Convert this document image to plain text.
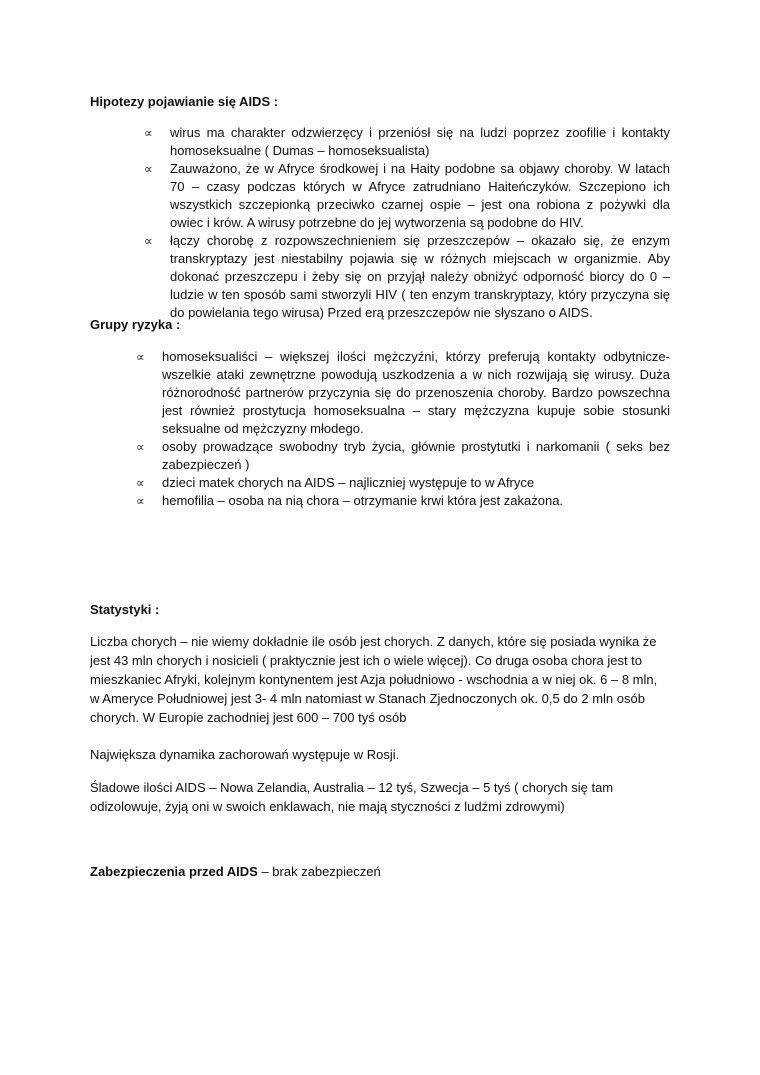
Hipotezy pojawianie się AIDS :
∝ wirus ma charakter odzwierzęcy i przeniósł się na ludzi poprzez zoofilie i kontakty homoseksualne ( Dumas – homoseksualista)
∝ Zauważono, że w Afryce środkowej i na Haity podobne sa objawy choroby. W latach 70 – czasy podczas których w Afryce zatrudniano Haiteńczyków. Szczepiono ich wszystkich szczepionką przeciwko czarnej ospie – jest ona robiona z pożywki dla owiec i krów. A wirusy potrzebne do jej wytworzenia są podobne do HIV.
∝ łączy chorobę z rozpowszechnieniem się przeszczepów – okazało się, że enzym transkryptazy jest niestabilny pojawia się w różnych miejscach w organizmie. Aby dokonać przeszczepu i żeby się on przyjął należy obniżyć odporność biorcy do 0 – ludzie w ten sposób sami stworzyli HIV ( ten enzym transkryptazy, który przyczyna się do powielania tego wirusa) Przed erą przeszczepów nie słyszano o AIDS.
Grupy ryzyka :
∝ homoseksualiści – większej ilości mężczyźni, którzy preferują kontakty odbytnicze- wszelkie ataki zewnętrzne powodują uszkodzenia a w nich rozwijają się wirusy. Duża różnorodność partnerów przyczynia się do przenoszenia choroby. Bardzo powszechna jest również prostytucja homoseksualna – stary mężczyzna kupuje sobie stosunki seksualne od mężczyzny młodego.
∝ osoby prowadzące swobodny tryb życia, głównie prostytutki i narkomanii ( seks bez zabezpieczeń )
∝ dzieci matek chorych na AIDS – najliczniej występuje to w Afryce
∝ hemofilia – osoba na nią chora – otrzymanie krwi która jest zakażona.
Statystyki :

Liczba chorych – nie wiemy dokładnie ile osób jest chorych. Z danych, które się posiada wynika że jest 43 mln chorych i nosicieli ( praktycznie jest ich o wiele więcej). Co druga osoba chora jest to mieszkaniec Afryki, kolejnym kontynentem jest Azja południowo - wschodnia a w niej ok. 6 – 8 mln, w Ameryce Południowej jest 3- 4 mln natomiast w Stanach Zjednoczonych ok. 0,5 do 2 mln osób chorych. W Europie zachodniej jest 600 – 700 tyś osób

Największa dynamika zachorowań występuje w Rosji.

Śladowe ilości AIDS – Nowa Zelandia, Australia – 12 tyś, Szwecja – 5 tyś ( chorych się tam odizolowuje, żyją oni w swoich enklawach, nie mają styczności z ludźmi zdrowymi)

Zabezpieczenia przed AIDS – brak zabezpieczeń
